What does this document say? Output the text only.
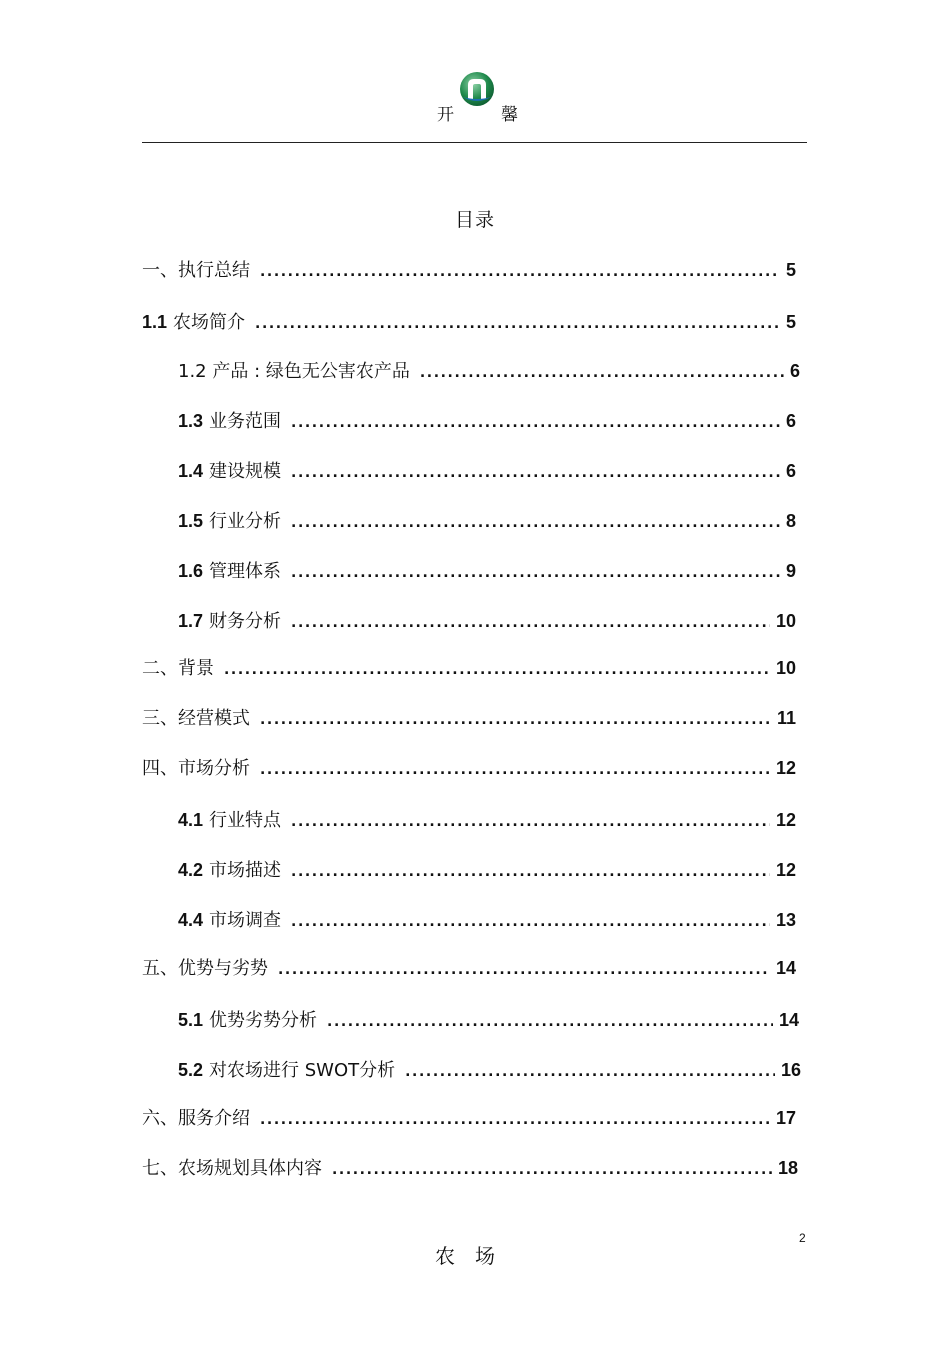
开	馨
目录
一、执行总结 .....	5
1.1 农场简介 .....	5
1.2 产品 : 绿色无公害农产品 .....	6
1.3 业务范围 .....	6
1.4 建设规模 .....	6
1.5 行业分析 .....	8
1.6 管理体系 .....	9
1.7 财务分析 .....	10
二、背景 .....	10
三、经营模式 .....	11
四、市场分析 .....	12
4.1 行业特点 .....	12
4.2 市场描述 .....	12
4.4 市场调查 .....	13
五、优势与劣势 .....	14
5.1 优势劣势分析 .....	14
5.2 对农场进行 SWOT分析 .....	16
六、服务介绍 .....	17
七、农场规划具体内容 .....	18
2
农场
